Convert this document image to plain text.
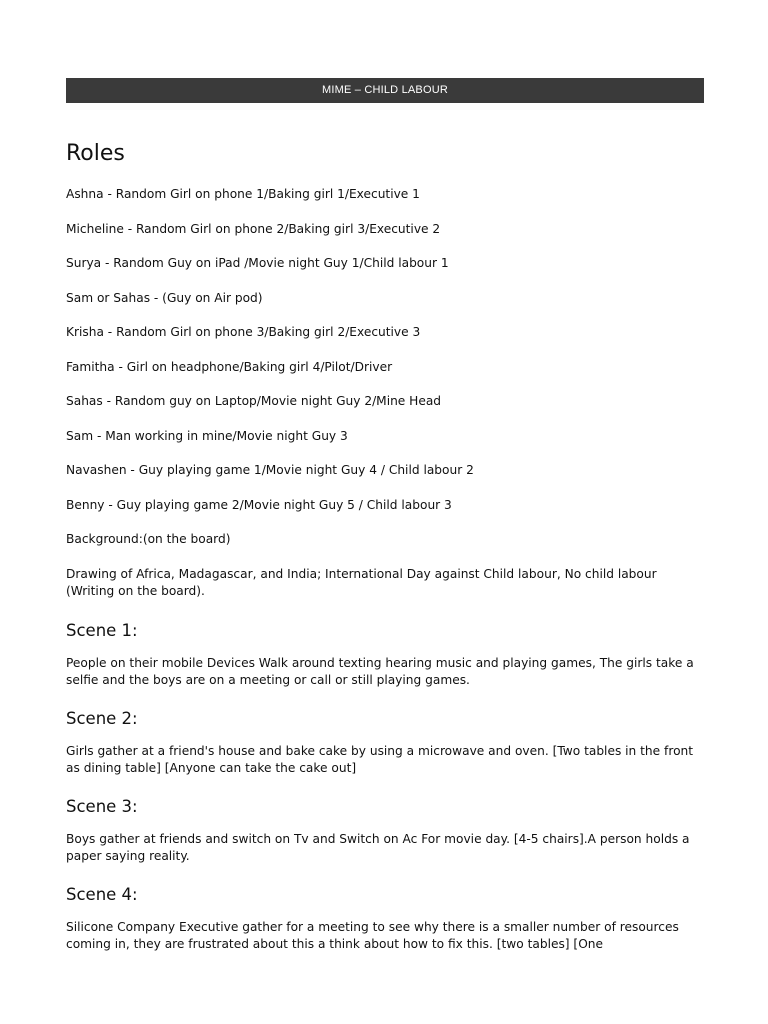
MIME – CHILD LABOUR
Roles
Ashna - Random Girl on phone 1/Baking girl 1/Executive 1
Micheline - Random Girl on phone 2/Baking girl 3/Executive 2
Surya - Random Guy on iPad /Movie night Guy 1/Child labour 1
Sam or Sahas - (Guy on Air pod)
Krisha - Random Girl on phone 3/Baking girl 2/Executive 3
Famitha - Girl on headphone/Baking girl 4/Pilot/Driver
Sahas - Random guy on Laptop/Movie night Guy 2/Mine Head
Sam - Man working in mine/Movie night Guy 3
Navashen - Guy playing game 1/Movie night Guy 4 / Child labour 2
Benny - Guy playing game 2/Movie night Guy 5 / Child labour 3
Background:(on the board)
Drawing of Africa, Madagascar, and India; International Day against Child labour, No child labour (Writing on the board).
Scene 1:
People on their mobile Devices Walk around texting hearing music and playing games, The girls take a selfie and the boys are on a meeting or call or still playing games.
Scene 2:
Girls gather at a friend's house and bake cake by using a microwave and oven. [Two tables in the front as dining table] [Anyone can take the cake out]
Scene 3:
Boys gather at friends and switch on Tv and Switch on Ac For movie day. [4-5 chairs].A person holds a paper saying reality.
Scene 4:
Silicone Company Executive gather for a meeting to see why there is a smaller number of resources coming in, they are frustrated about this a think about how to fix this. [two tables] [One
